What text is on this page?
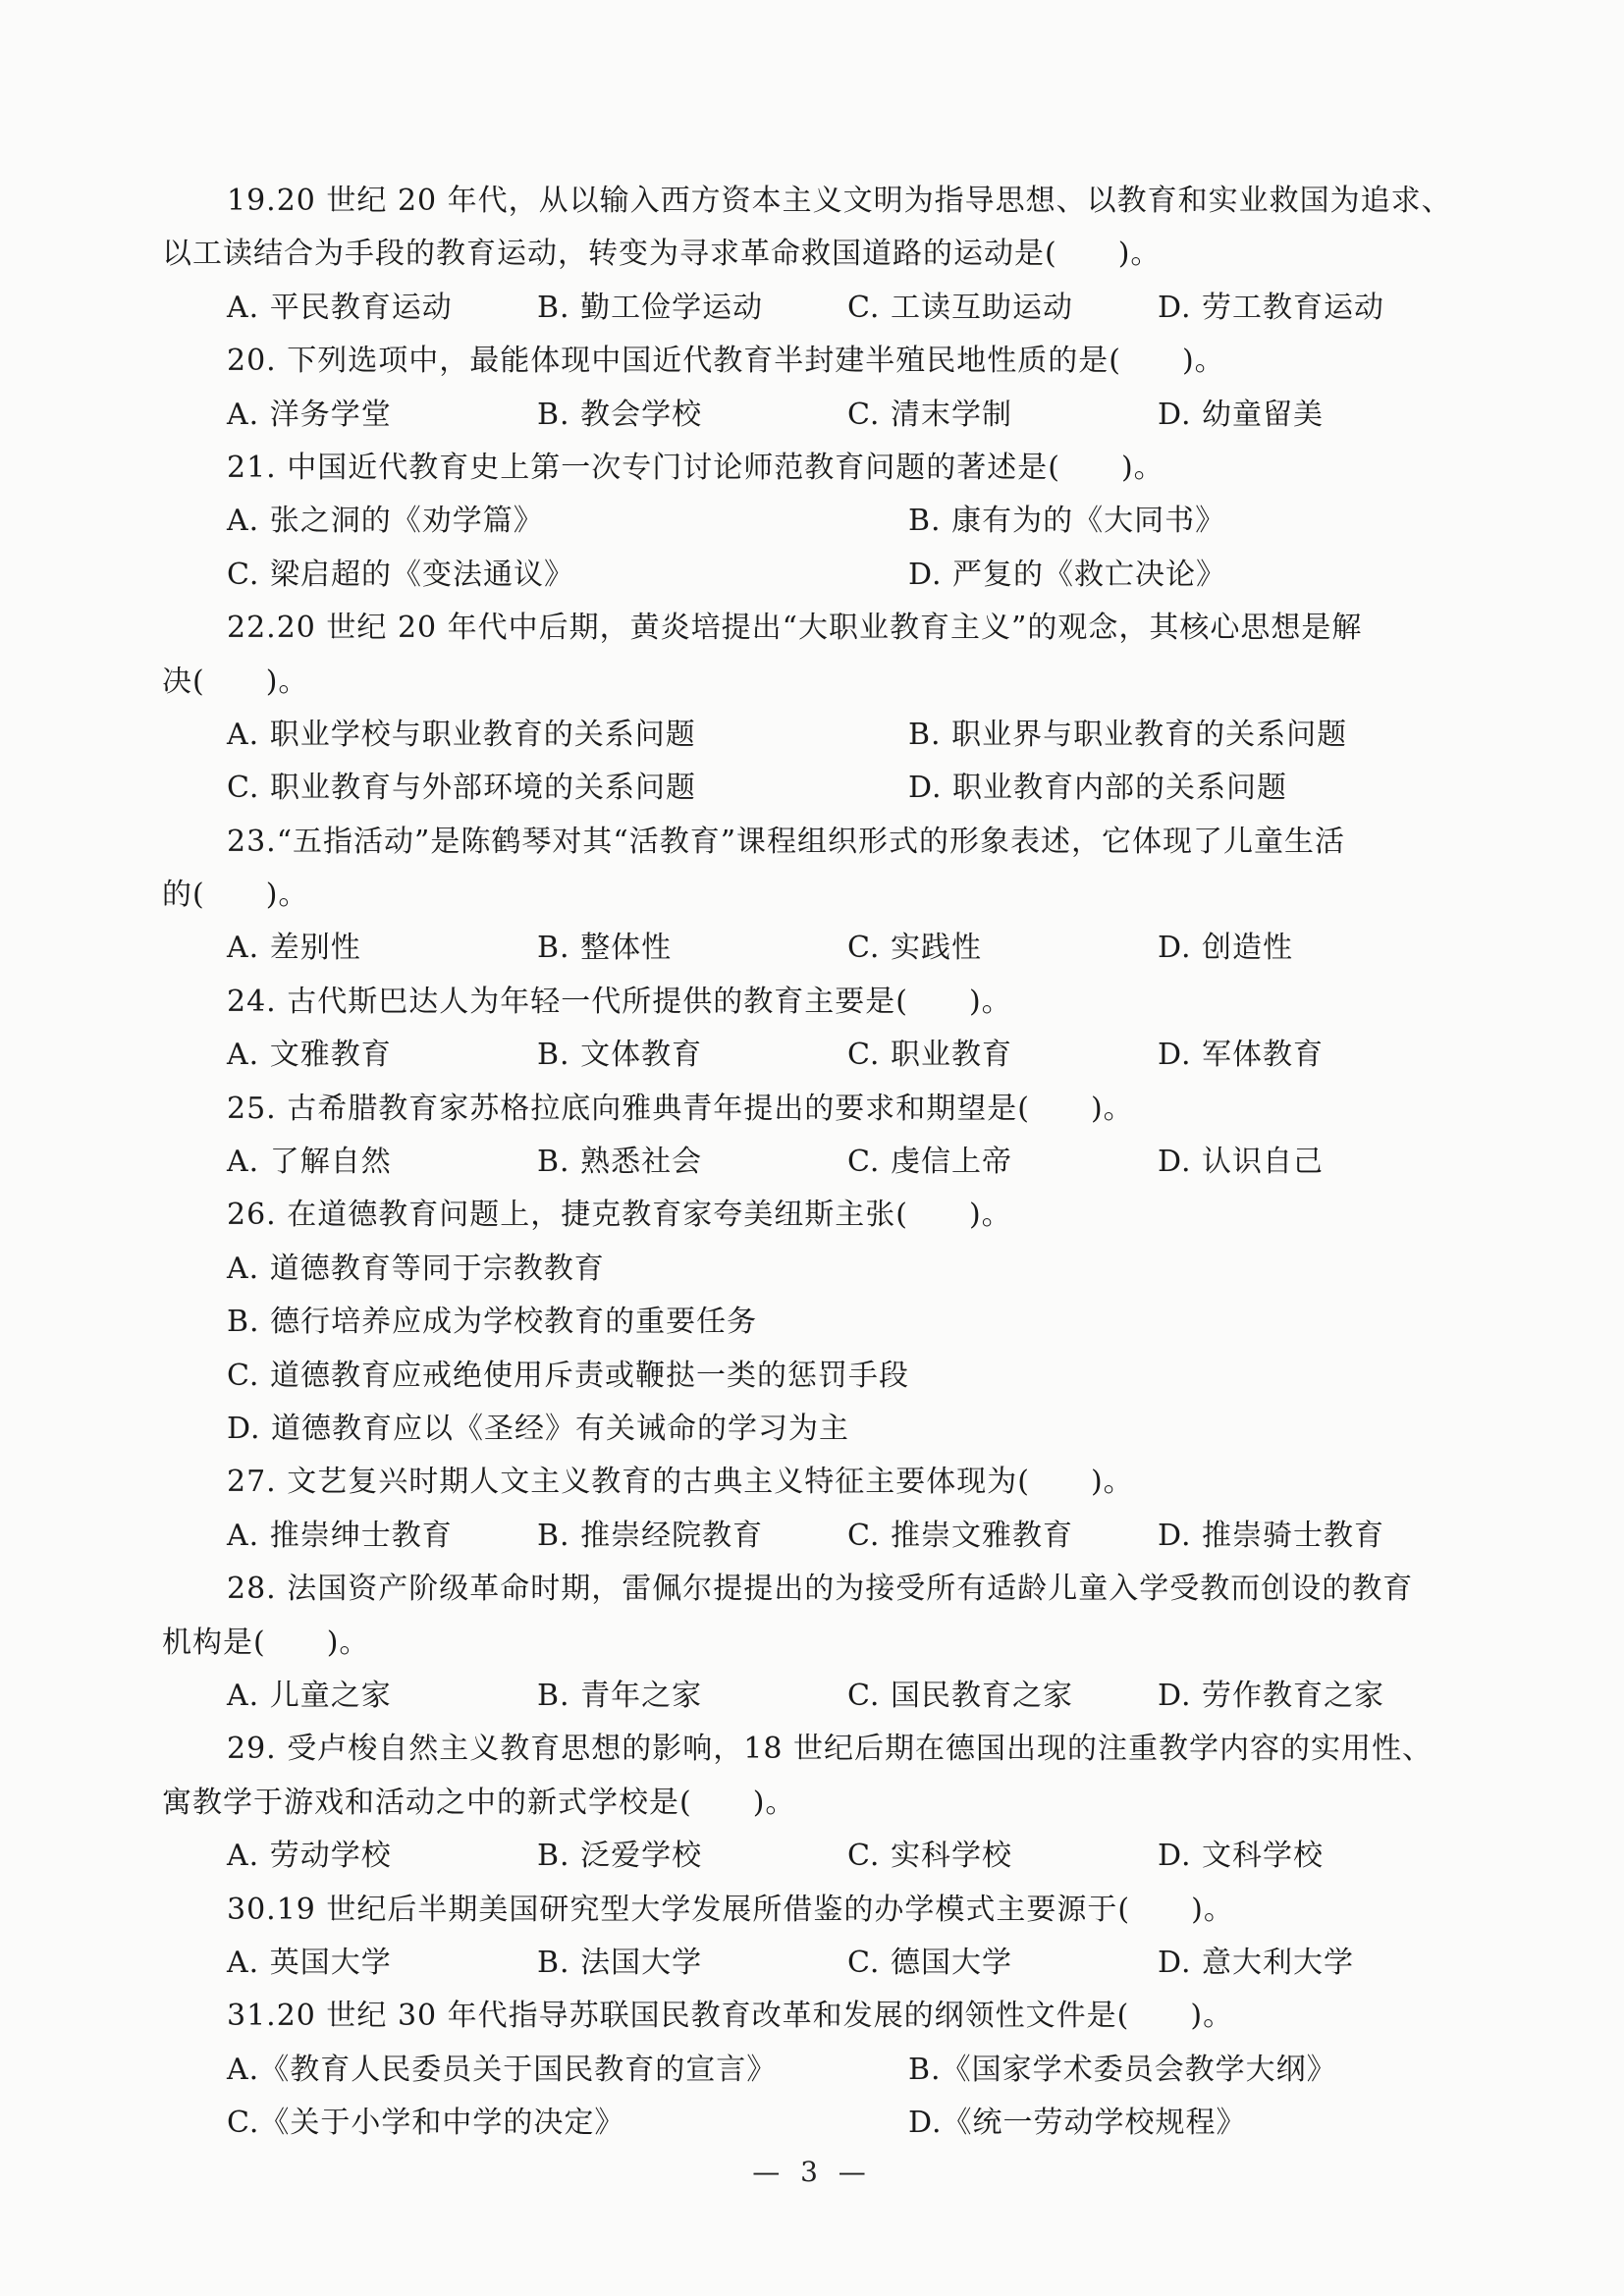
19.20 世纪 20 年代，从以输入西方资本主义文明为指导思想、以教育和实业救国为追求、
以工读结合为手段的教育运动，转变为寻求革命救国道路的运动是(　　)。
A. 平民教育运动	B. 勤工俭学运动	C. 工读互助运动	D. 劳工教育运动
20. 下列选项中，最能体现中国近代教育半封建半殖民地性质的是(　　)。
A. 洋务学堂	B. 教会学校	C. 清末学制	D. 幼童留美
21. 中国近代教育史上第一次专门讨论师范教育问题的著述是(　　)。
A. 张之洞的《劝学篇》	B. 康有为的《大同书》
C. 梁启超的《变法通议》	D. 严复的《救亡决论》
22.20 世纪 20 年代中后期，黄炎培提出“大职业教育主义”的观念，其核心思想是解
决(　　)。
A. 职业学校与职业教育的关系问题	B. 职业界与职业教育的关系问题
C. 职业教育与外部环境的关系问题	D. 职业教育内部的关系问题
23.“五指活动”是陈鹤琴对其“活教育”课程组织形式的形象表述，它体现了儿童生活
的(　　)。
A. 差别性	B. 整体性	C. 实践性	D. 创造性
24. 古代斯巴达人为年轻一代所提供的教育主要是(　　)。
A. 文雅教育	B. 文体教育	C. 职业教育	D. 军体教育
25. 古希腊教育家苏格拉底向雅典青年提出的要求和期望是(　　)。
A. 了解自然	B. 熟悉社会	C. 虔信上帝	D. 认识自己
26. 在道德教育问题上，捷克教育家夸美纽斯主张(　　)。
A. 道德教育等同于宗教教育
B. 德行培养应成为学校教育的重要任务
C. 道德教育应戒绝使用斥责或鞭挞一类的惩罚手段
D. 道德教育应以《圣经》有关诫命的学习为主
27. 文艺复兴时期人文主义教育的古典主义特征主要体现为(　　)。
A. 推崇绅士教育	B. 推崇经院教育	C. 推崇文雅教育	D. 推崇骑士教育
28. 法国资产阶级革命时期，雷佩尔提提出的为接受所有适龄儿童入学受教而创设的教育
机构是(　　)。
A. 儿童之家	B. 青年之家	C. 国民教育之家	D. 劳作教育之家
29. 受卢梭自然主义教育思想的影响，18 世纪后期在德国出现的注重教学内容的实用性、
寓教学于游戏和活动之中的新式学校是(　　)。
A. 劳动学校	B. 泛爱学校	C. 实科学校	D. 文科学校
30.19 世纪后半期美国研究型大学发展所借鉴的办学模式主要源于(　　)。
A. 英国大学	B. 法国大学	C. 德国大学	D. 意大利大学
31.20 世纪 30 年代指导苏联国民教育改革和发展的纲领性文件是(　　)。
A.《教育人民委员关于国民教育的宣言》	B.《国家学术委员会教学大纲》
C.《关于小学和中学的决定》	D.《统一劳动学校规程》
— 3 —
